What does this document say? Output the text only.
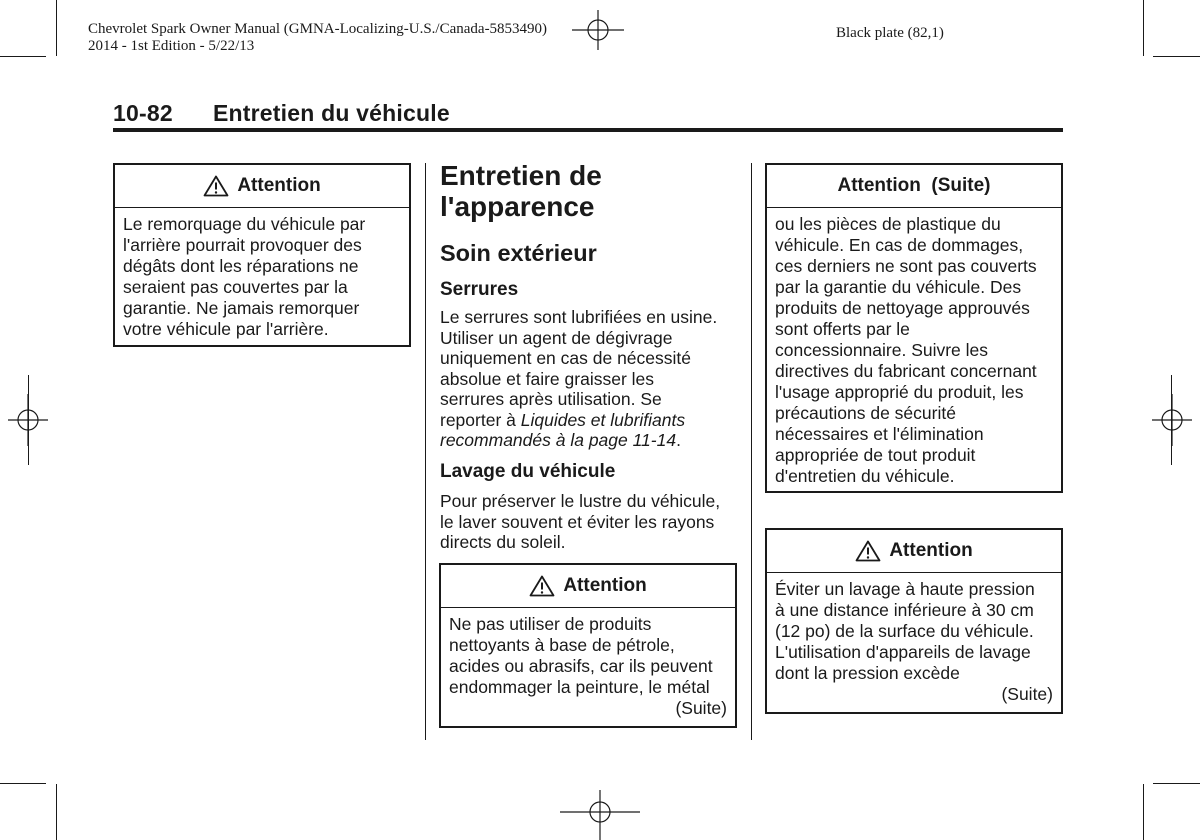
Chevrolet Spark Owner Manual (GMNA-Localizing-U.S./Canada-5853490)
2014 - 1st Edition - 5/22/13
Black plate (82,1)
10-82 Entretien du véhicule
Attention
Le remorquage du véhicule par
l'arrière pourrait provoquer des
dégâts dont les réparations ne
seraient pas couvertes par la
garantie. Ne jamais remorquer
votre véhicule par l'arrière.
Entretien de
l'apparence
Soin extérieur
Serrures
Le serrures sont lubrifiées en usine.
Utiliser un agent de dégivrage
uniquement en cas de nécessité
absolue et faire graisser les
serrures après utilisation. Se
reporter à Liquides et lubrifiants
recommandés à la page 11-14.
Lavage du véhicule
Pour préserver le lustre du véhicule,
le laver souvent et éviter les rayons
directs du soleil.
Attention
Ne pas utiliser de produits
nettoyants à base de pétrole,
acides ou abrasifs, car ils peuvent
endommager la peinture, le métal
(Suite)
Attention  (Suite)
ou les pièces de plastique du
véhicule. En cas de dommages,
ces derniers ne sont pas couverts
par la garantie du véhicule. Des
produits de nettoyage approuvés
sont offerts par le
concessionnaire. Suivre les
directives du fabricant concernant
l'usage approprié du produit, les
précautions de sécurité
nécessaires et l'élimination
appropriée de tout produit
d'entretien du véhicule.
Attention
Éviter un lavage à haute pression
à une distance inférieure à 30 cm
(12 po) de la surface du véhicule.
L'utilisation d'appareils de lavage
dont la pression excède
(Suite)
